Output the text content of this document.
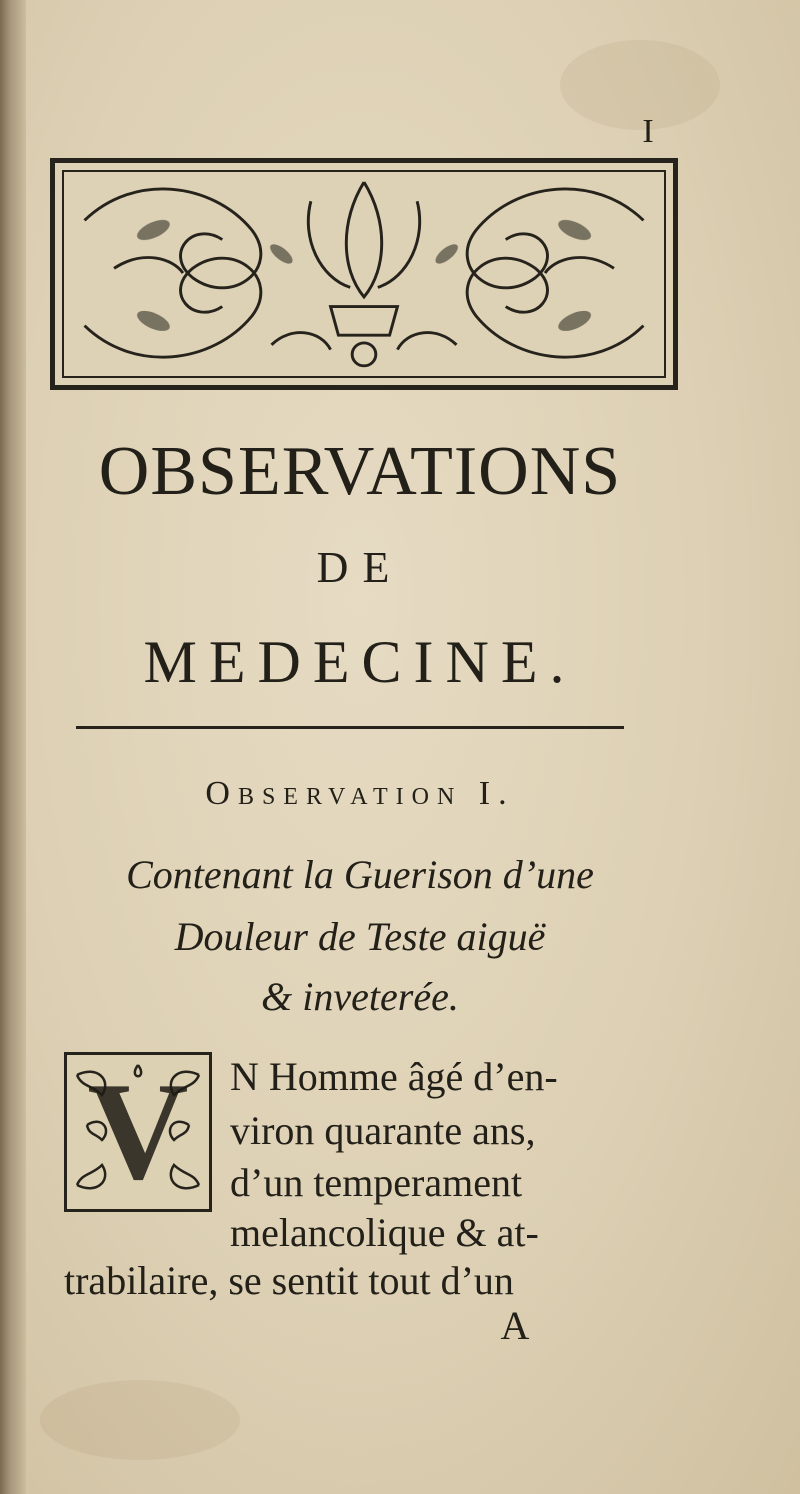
I
OBSERVATIONS
DE
MEDECINE.
Observation I.
Contenant la Guerison d’une
Douleur de Teste aiguë
& inveterée.
V	N Homme âgé d’en-
viron quarante ans,
d’un temperament
melancolique & at-
trabilaire, se sentit tout d’un
A
